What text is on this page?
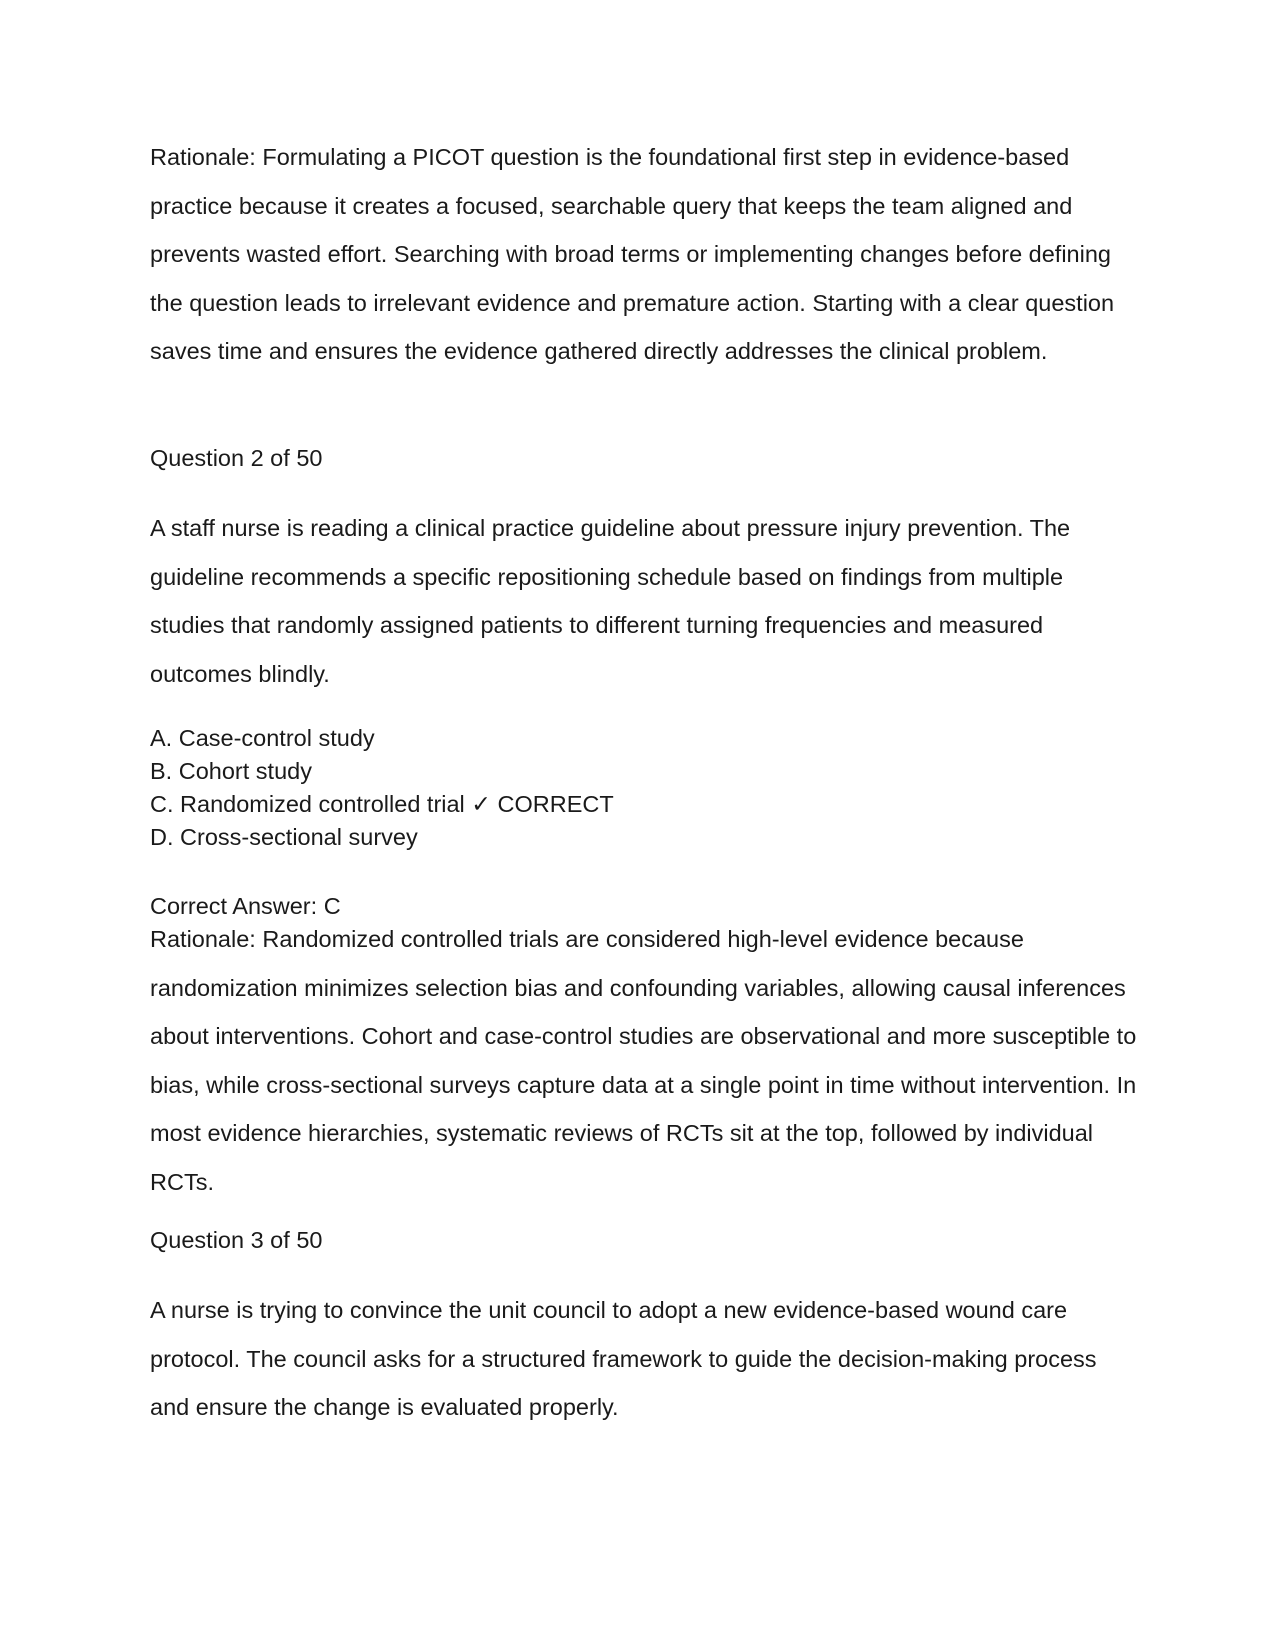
Rationale: Formulating a PICOT question is the foundational first step in evidence-based practice because it creates a focused, searchable query that keeps the team aligned and prevents wasted effort. Searching with broad terms or implementing changes before defining the question leads to irrelevant evidence and premature action. Starting with a clear question saves time and ensures the evidence gathered directly addresses the clinical problem.

Question 2 of 50

A staff nurse is reading a clinical practice guideline about pressure injury prevention. The guideline recommends a specific repositioning schedule based on findings from multiple studies that randomly assigned patients to different turning frequencies and measured outcomes blindly.

A. Case-control study

B. Cohort study

C. Randomized controlled trial ✓ CORRECT

D. Cross-sectional survey

Correct Answer: C

Rationale: Randomized controlled trials are considered high-level evidence because randomization minimizes selection bias and confounding variables, allowing causal inferences about interventions. Cohort and case-control studies are observational and more susceptible to bias, while cross-sectional surveys capture data at a single point in time without intervention. In most evidence hierarchies, systematic reviews of RCTs sit at the top, followed by individual RCTs.

Question 3 of 50

A nurse is trying to convince the unit council to adopt a new evidence-based wound care protocol. The council asks for a structured framework to guide the decision-making process and ensure the change is evaluated properly.
